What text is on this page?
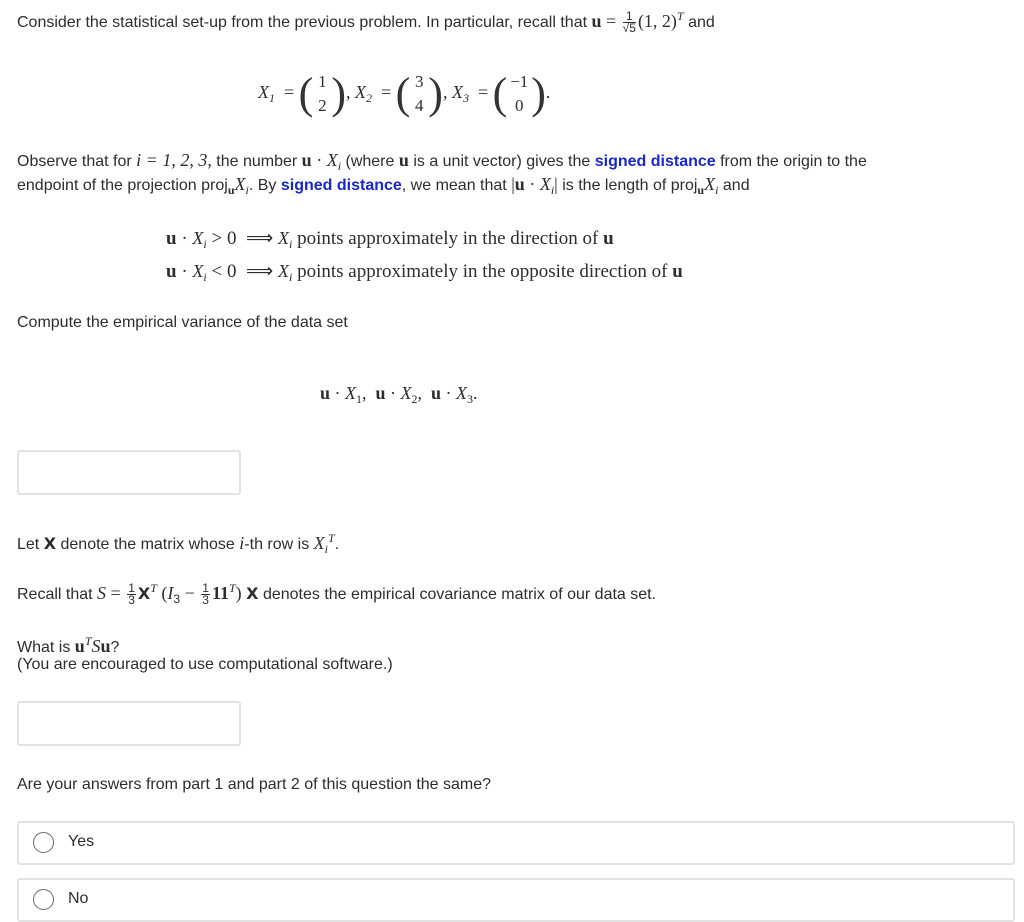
Consider the statistical set-up from the previous problem. In particular, recall that $u = \frac{1}{√5} (1$, 2)$^T$ and
$X_1$  = ( 1
2 ), $X_2$  = ( 3
4 ), $X_3$  = ( −1
0 ).
Observe that for i = 1, 2, 3, the number $u \cdot X_i$ (where u is a unit vector) gives the signed distance from the origin to the
endpoint of the projection $proj_uX_i$. By signed distance, we mean that $|u \cdot X_i|$ is the length of $proj_uX_i$ and
$u \cdot X_i > 0$  ⟹ $X_i$ points approximately in the direction of u
$u \cdot X_i < 0$  ⟹ $X_i$ points approximately in the opposite direction of u
Compute the empirical variance of the data set
$u \cdot X_1$,  $u \cdot X_2$,  $u \cdot X_3$.
Let X denote the matrix whose i-th row is $X_i^T$.
Recall that $S = \frac{1}{3} X^T$ $(I_3 - \frac{1}{3} 11^T)$ X denotes the empirical covariance matrix of our data set.
What is $u^TSu$?
(You are encouraged to use computational software.)
Are your answers from part 1 and part 2 of this question the same?
Yes
No
